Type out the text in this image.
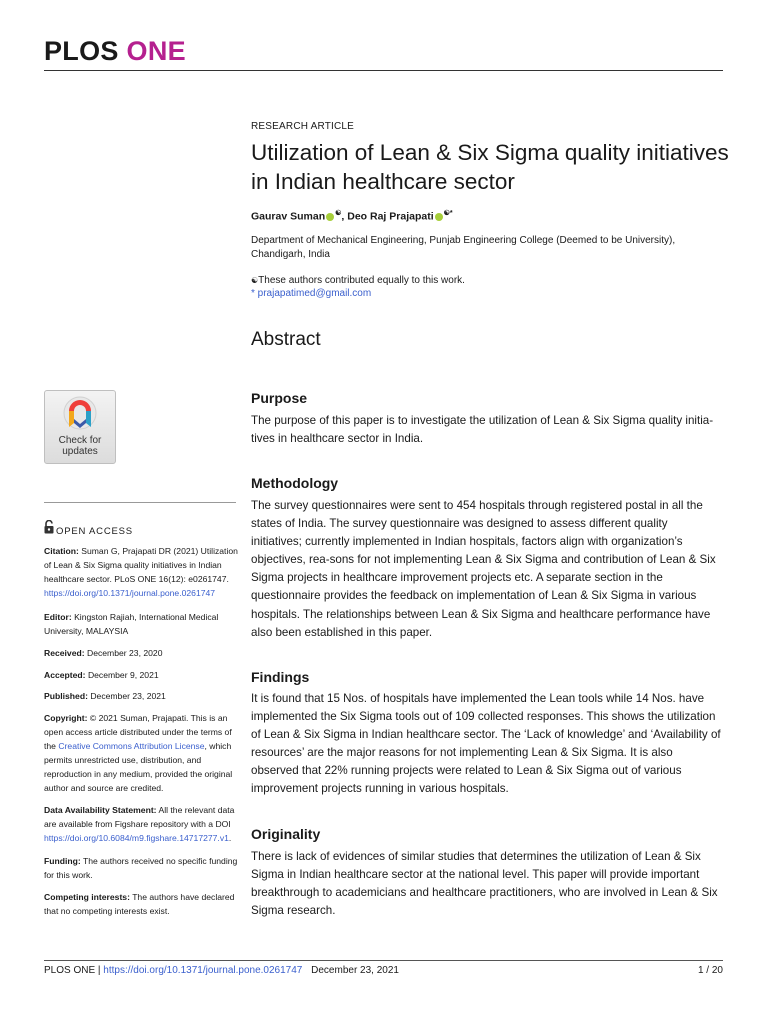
PLOS ONE
RESEARCH ARTICLE
Utilization of Lean & Six Sigma quality initiatives in Indian healthcare sector
Gaurav Suman ☯, Deo Raj Prajapati ☯*
Department of Mechanical Engineering, Punjab Engineering College (Deemed to be University), Chandigarh, India
☯These authors contributed equally to this work.
* prajapatimed@gmail.com
Abstract
Purpose
The purpose of this paper is to investigate the utilization of Lean & Six Sigma quality initia-tives in healthcare sector in India.
Methodology
The survey questionnaires were sent to 454 hospitals through registered postal in all the states of India. The survey questionnaire was designed to assess different quality initiatives; currently implemented in Indian hospitals, factors align with organization’s objectives, rea-sons for not implementing Lean & Six Sigma and contribution of Lean & Six Sigma projects in healthcare improvement projects etc. A separate section in the questionnaire provides the feedback on implementation of Lean & Six Sigma in various hospitals. The relationships between Lean & Six Sigma and healthcare performance have also been established in this paper.
Findings
It is found that 15 Nos. of hospitals have implemented the Lean tools while 14 Nos. have implemented the Six Sigma tools out of 109 collected responses. This shows the utilization of Lean & Six Sigma in Indian healthcare sector. The ‘Lack of knowledge’ and ‘Availability of resources’ are the major reasons for not implementing Lean & Six Sigma. It is also observed that 22% running projects were related to Lean & Six Sigma out of various improvement projects running in various hospitals.
Originality
There is lack of evidences of similar studies that determines the utilization of Lean & Six Sigma in Indian healthcare sector at the national level. This paper will provide important breakthrough to academicians and healthcare practitioners, who are involved in Lean & Six Sigma research.
Check for updates
OPEN ACCESS
Citation: Suman G, Prajapati DR (2021) Utilization of Lean & Six Sigma quality initiatives in Indian healthcare sector. PLoS ONE 16(12): e0261747.
https://doi.org/10.1371/journal.pone.0261747
Editor: Kingston Rajiah, International Medical University, MALAYSIA
Received: December 23, 2020
Accepted: December 9, 2021
Published: December 23, 2021
Copyright: © 2021 Suman, Prajapati. This is an open access article distributed under the terms of the Creative Commons Attribution License, which permits unrestricted use, distribution, and reproduction in any medium, provided the original author and source are credited.
Data Availability Statement: All the relevant data are available from Figshare repository with a DOI https://doi.org/10.6084/m9.figshare.14717277.v1.
Funding: The authors received no specific funding for this work.
Competing interests: The authors have declared that no competing interests exist.
PLOS ONE | https://doi.org/10.1371/journal.pone.0261747 December 23, 2021	1 / 20
